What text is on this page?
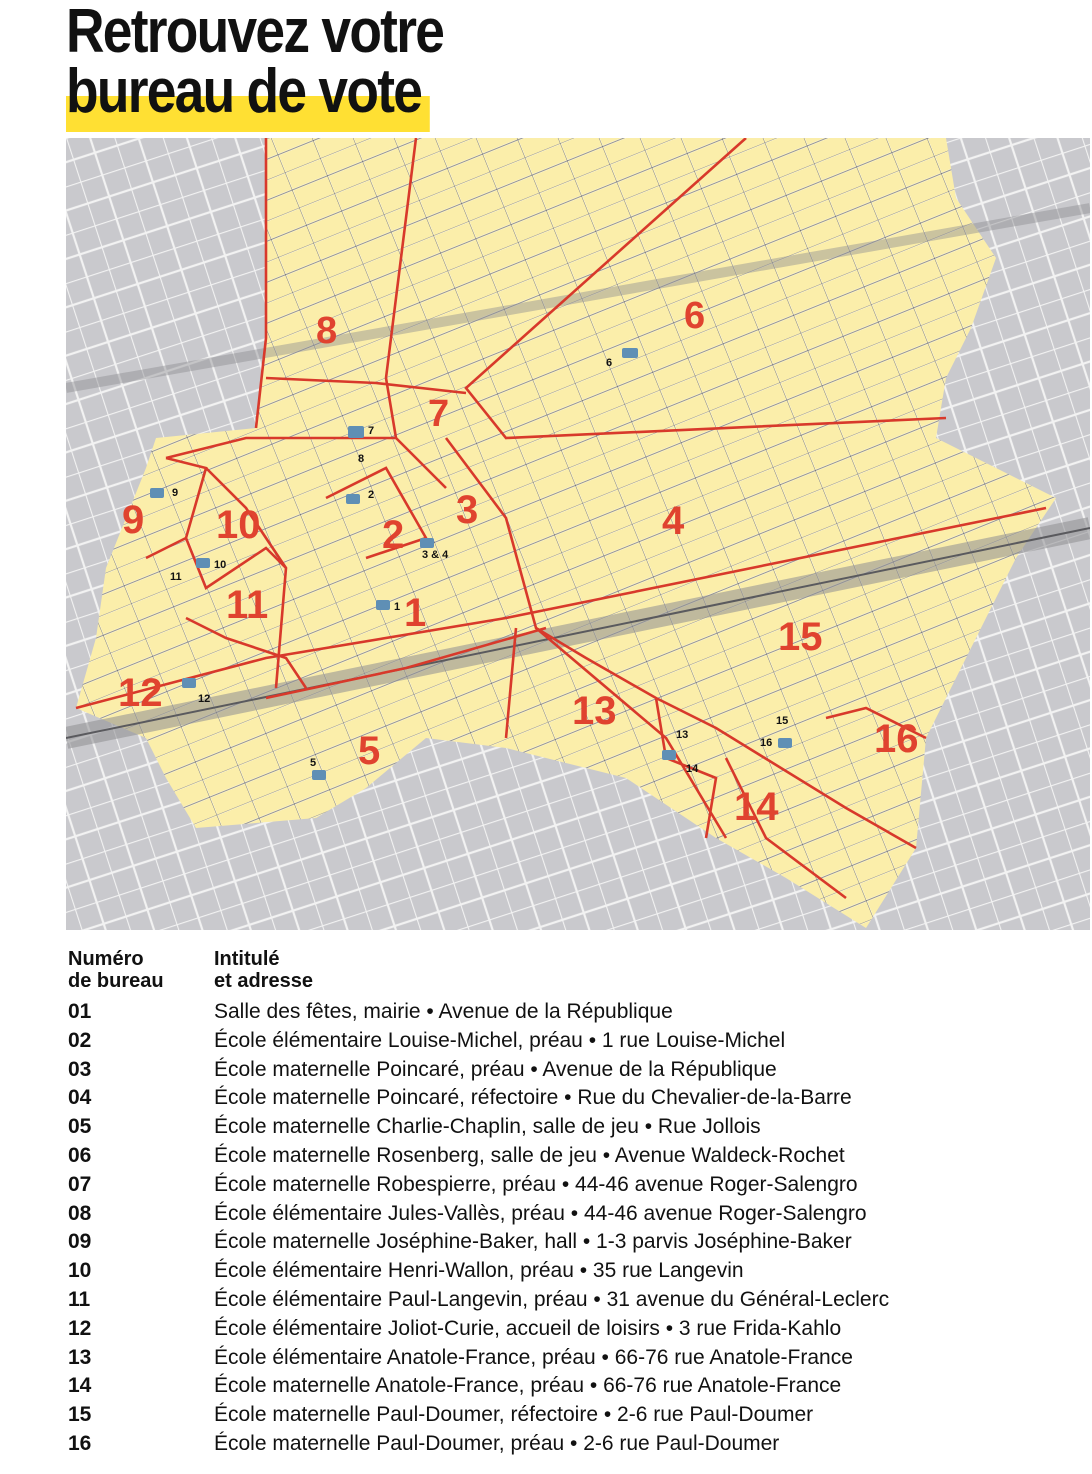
Retrouvez votre
bureau de vote
8	6
7
9 10	3
2	4
11	1
15
12	13
5	16
14
6
7
8
9	2
10
3 & 4
11
1
12
13
14
15
16
5
Numéro
de bureau
Intitulé
et adresse
01	Salle des fêtes, mairie • Avenue de la République
02	École élémentaire Louise-Michel, préau • 1 rue Louise-Michel
03	École maternelle Poincaré, préau • Avenue de la République
04	École maternelle Poincaré, réfectoire • Rue du Chevalier-de-la-Barre
05	École maternelle Charlie-Chaplin, salle de jeu • Rue Jollois
06	École maternelle Rosenberg, salle de jeu • Avenue Waldeck-Rochet
07	École maternelle Robespierre, préau • 44-46 avenue Roger-Salengro
08	École élémentaire Jules-Vallès, préau • 44-46 avenue Roger-Salengro
09	École maternelle Joséphine-Baker, hall • 1-3 parvis Joséphine-Baker
10	École élémentaire Henri-Wallon, préau • 35 rue Langevin
11	École élémentaire Paul-Langevin, préau • 31 avenue du Général-Leclerc
12	École élémentaire Joliot-Curie, accueil de loisirs • 3 rue Frida-Kahlo
13	École élémentaire Anatole-France, préau • 66-76 rue Anatole-France
14	École maternelle Anatole-France, préau • 66-76 rue Anatole-France
15	École maternelle Paul-Doumer, réfectoire • 2-6 rue Paul-Doumer
16	École maternelle Paul-Doumer, préau • 2-6 rue Paul-Doumer
